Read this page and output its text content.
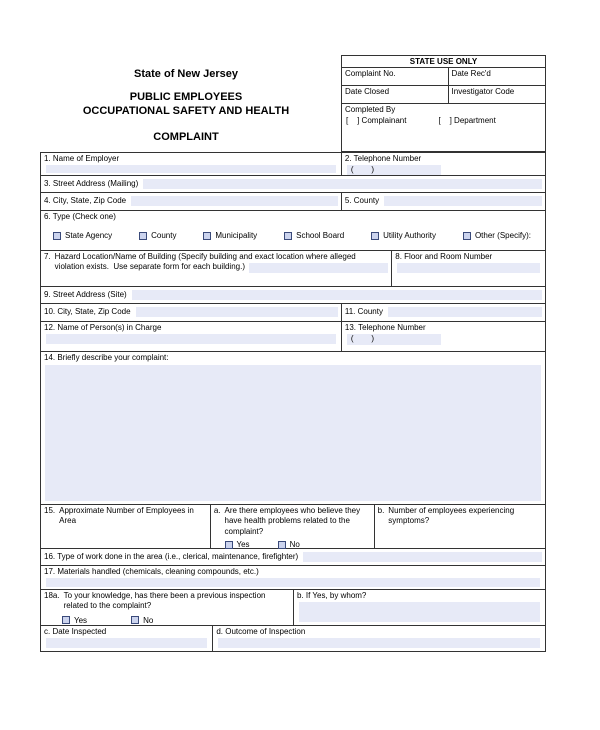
State of New Jersey
PUBLIC EMPLOYEES
OCCUPATIONAL SAFETY AND HEALTH
COMPLAINT
STATE USE ONLY
Complaint No.	Date Rec'd
Date Closed	Investigator Code
Completed By
[    ] Complainant	[    ] Department
1. Name of Employer	2. Telephone Number
(        )
3. Street Address (Mailing)
4. City, State, Zip Code	5. County
6. Type (Check one)
State Agency	County	Municipality	School Board	Utility Authority	Other (Specify):
7. Hazard Location/Name of Building (Specify building and exact location where alleged
violation exists.  Use separate form for each building.)
8. Floor and Room Number
9. Street Address (Site)
10. City, State, Zip Code	11. County
12. Name of Person(s) in Charge	13. Telephone Number
(        )
14. Briefly describe your complaint:
15. Approximate Number of Employees in Area
a. Are there employees who believe they have health problems related to the complaint?
Yes	No
b. Number of employees experiencing symptoms?
16. Type of work done in the area (i.e., clerical, maintenance, firefighter)
17. Materials handled (chemicals, cleaning compounds, etc.)
18a. To your knowledge, has there been a previous inspection related to the complaint?
Yes	No
b. If Yes, by whom?
c. Date Inspected	d. Outcome of Inspection
